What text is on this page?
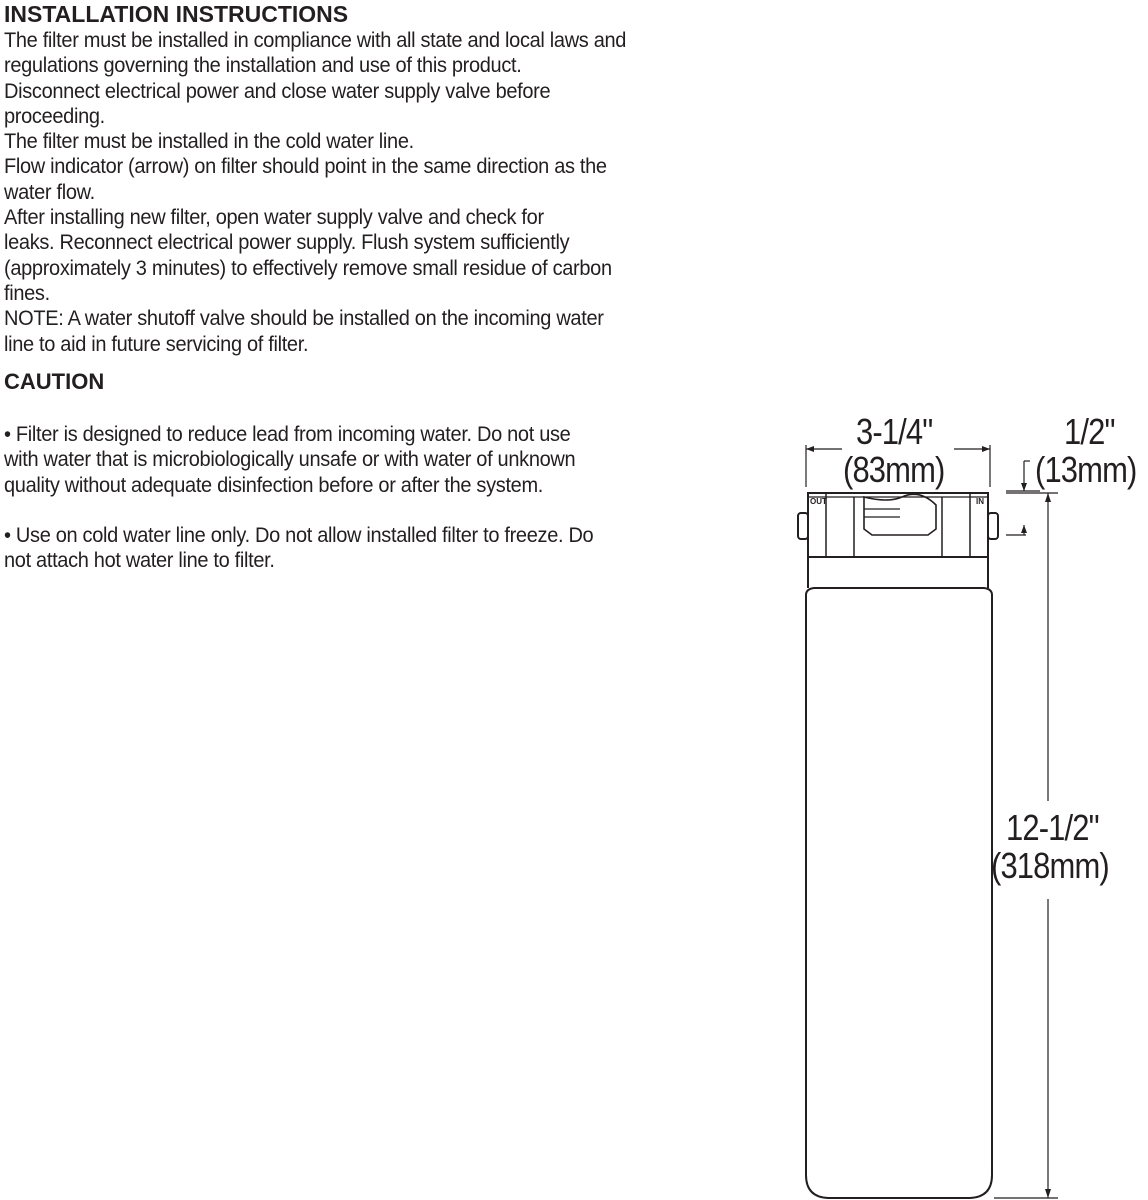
INSTALLATION INSTRUCTIONS
The filter must be installed in compliance with all state and local laws and
regulations governing the installation and use of this product.
Disconnect electrical power and close water supply valve before
proceeding.
The filter must be installed in the cold water line.
Flow indicator (arrow) on filter should point in the same direction as the
water flow.
After installing new filter, open water supply valve and check for
leaks. Reconnect electrical power supply. Flush system sufficiently
(approximately 3 minutes) to effectively remove small residue of carbon
fines.
NOTE: A water shutoff valve should be installed on the incoming water
line to aid in future servicing of filter.
CAUTION
• Filter is designed to reduce lead from incoming water. Do not use
with water that is microbiologically unsafe or with water of unknown
quality without adequate disinfection before or after the system.
• Use on cold water line only. Do not allow installed filter to freeze. Do
not attach hot water line to filter.
3-1/4"
(83mm)
1/2"
(13mm)
12-1/2"
(318mm)
OUT	IN
